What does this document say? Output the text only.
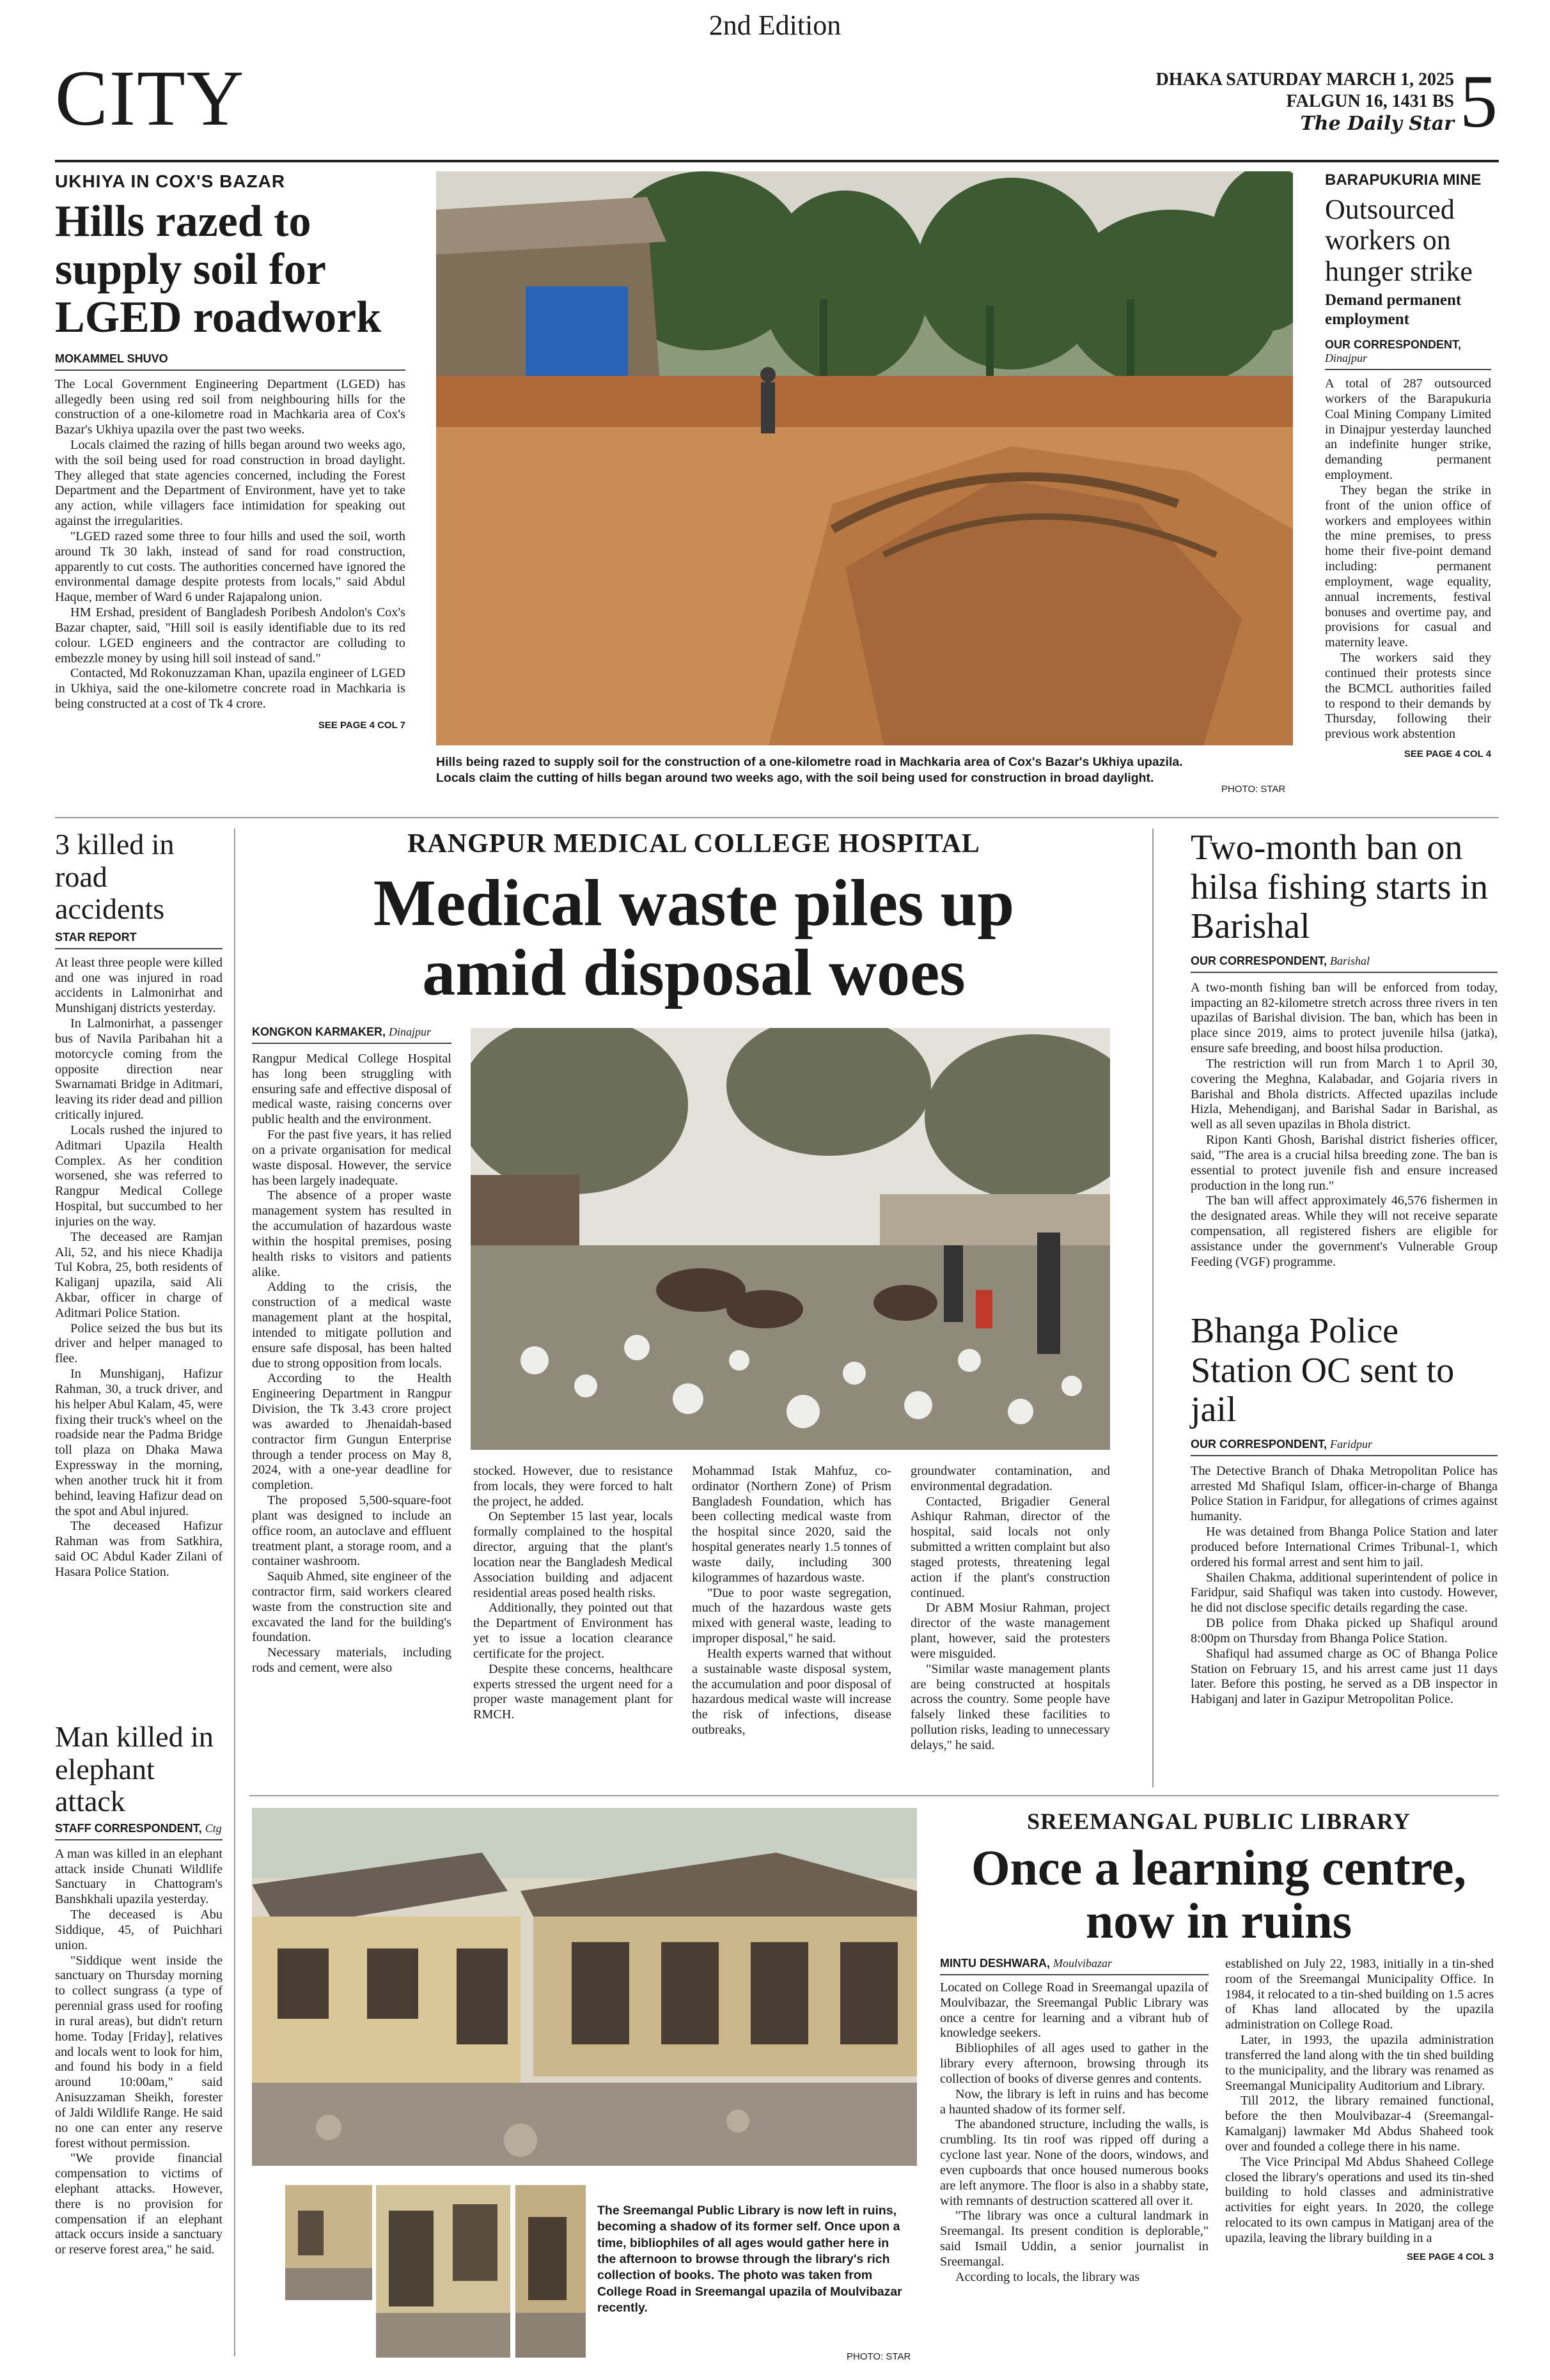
2nd Edition
CITY	DHAKA SATURDAY MARCH 1, 2025
FALGUN 16, 1431 BS
The Daily Star 5
UKHIYA IN COX'S BAZAR
Hills razed to supply soil for LGED roadwork
MOKAMMEL SHUVO

The Local Government Engineering Department (LGED) has allegedly been using red soil from neighbouring hills for the construction of a one-kilometre road in Machkaria area of Cox's Bazar's Ukhiya upazila over the past two weeks.

Locals claimed the razing of hills began around two weeks ago, with the soil being used for road construction in broad daylight. They alleged that state agencies concerned, including the Forest Department and the Department of Environment, have yet to take any action, while villagers face intimidation for speaking out against the irregularities.

"LGED razed some three to four hills and used the soil, worth around Tk 30 lakh, instead of sand for road construction, apparently to cut costs. The authorities concerned have ignored the environmental damage despite protests from locals," said Abdul Haque, member of Ward 6 under Rajapalong union.

HM Ershad, president of Bangladesh Poribesh Andolon's Cox's Bazar chapter, said, "Hill soil is easily identifiable due to its red colour. LGED engineers and the contractor are colluding to embezzle money by using hill soil instead of sand."

Contacted, Md Rokonuzzaman Khan, upazila engineer of LGED in Ukhiya, said the one-kilometre concrete road in Machkaria is being constructed at a cost of Tk 4 crore.

SEE PAGE 4 COL 7
Hills being razed to supply soil for the construction of a one-kilometre road in Machkaria area of Cox's Bazar's Ukhiya upazila. Locals claim the cutting of hills began around two weeks ago, with the soil being used for construction in broad daylight.
PHOTO: STAR
BARAPUKURIA MINE
Outsourced workers on hunger strike
Demand permanent employment
OUR CORRESPONDENT,
Dinajpur

A total of 287 outsourced workers of the Barapukuria Coal Mining Company Limited in Dinajpur yesterday launched an indefinite hunger strike, demanding permanent employment.

They began the strike in front of the union office of workers and employees within the mine premises, to press home their five-point demand including: permanent employment, wage equality, annual increments, festival bonuses and overtime pay, and provisions for casual and maternity leave.

The workers said they continued their protests since the BCMCL authorities failed to respond to their demands by Thursday, following their previous work abstention

SEE PAGE 4 COL 4
3 killed in road accidents
STAR REPORT

At least three people were killed and one was injured in road accidents in Lalmonirhat and Munshiganj districts yesterday.

In Lalmonirhat, a passenger bus of Navila Paribahan hit a motorcycle coming from the opposite direction near Swarnamati Bridge in Aditmari, leaving its rider dead and pillion critically injured.

Locals rushed the injured to Aditmari Upazila Health Complex. As her condition worsened, she was referred to Rangpur Medical College Hospital, but succumbed to her injuries on the way.

The deceased are Ramjan Ali, 52, and his niece Khadija Tul Kobra, 25, both residents of Kaliganj upazila, said Ali Akbar, officer in charge of Aditmari Police Station.

Police seized the bus but its driver and helper managed to flee.

In Munshiganj, Hafizur Rahman, 30, a truck driver, and his helper Abul Kalam, 45, were fixing their truck's wheel on the roadside near the Padma Bridge toll plaza on Dhaka Mawa Expressway in the morning, when another truck hit it from behind, leaving Hafizur dead on the spot and Abul injured.

The deceased Hafizur Rahman was from Satkhira, said OC Abdul Kader Zilani of Hasara Police Station.

Man killed in elephant attack
STAFF CORRESPONDENT, Ctg

A man was killed in an elephant attack inside Chunati Wildlife Sanctuary in Chattogram's Banshkhali upazila yesterday.

The deceased is Abu Siddique, 45, of Puichhari union.

"Siddique went inside the sanctuary on Thursday morning to collect sungrass (a type of perennial grass used for roofing in rural areas), but didn't return home. Today [Friday], relatives and locals went to look for him, and found his body in a field around 10:00am," said Anisuzzaman Sheikh, forester of Jaldi Wildlife Range. He said no one can enter any reserve forest without permission.

"We provide financial compensation to victims of elephant attacks. However, there is no provision for compensation if an elephant attack occurs inside a sanctuary or reserve forest area," he said.

RANGPUR MEDICAL COLLEGE HOSPITAL
Medical waste piles up amid disposal woes
KONGKON KARMAKER, Dinajpur

Rangpur Medical College Hospital has long been struggling with ensuring safe and effective disposal of medical waste, raising concerns over public health and the environment.

For the past five years, it has relied on a private organisation for medical waste disposal. However, the service has been largely inadequate.

The absence of a proper waste management system has resulted in the accumulation of hazardous waste within the hospital premises, posing health risks to visitors and patients alike.

Adding to the crisis, the construction of a medical waste management plant at the hospital, intended to mitigate pollution and ensure safe disposal, has been halted due to strong opposition from locals.

According to the Health Engineering Department in Rangpur Division, the Tk 3.43 crore project was awarded to Jhenaidah-based contractor firm Gungun Enterprise through a tender process on May 8, 2024, with a one-year deadline for completion.

The proposed 5,500-square-foot plant was designed to include an office room, an autoclave and effluent treatment plant, a storage room, and a container washroom.

Saquib Ahmed, site engineer of the contractor firm, said workers cleared waste from the construction site and excavated the land for the building's foundation.

Necessary materials, including rods and cement, were also

stocked. However, due to resistance from locals, they were forced to halt the project, he added.

On September 15 last year, locals formally complained to the hospital director, arguing that the plant's location near the Bangladesh Medical Association building and adjacent residential areas posed health risks.

Additionally, they pointed out that the Department of Environment has yet to issue a location clearance certificate for the project.

Despite these concerns, healthcare experts stressed the urgent need for a proper waste management plant for RMCH.

Mohammad Istak Mahfuz, co-ordinator (Northern Zone) of Prism Bangladesh Foundation, which has been collecting medical waste from the hospital since 2020, said the hospital generates nearly 1.5 tonnes of waste daily, including 300 kilogrammes of hazardous waste.

"Due to poor waste segregation, much of the hazardous waste gets mixed with general waste, leading to improper disposal," he said.

Health experts warned that without a sustainable waste disposal system, the accumulation and poor disposal of hazardous medical waste will increase the risk of infections, disease outbreaks,

groundwater contamination, and environmental degradation.

Contacted, Brigadier General Ashiqur Rahman, director of the hospital, said locals not only submitted a written complaint but also staged protests, threatening legal action if the plant's construction continued.

Dr ABM Mosiur Rahman, project director of the waste management plant, however, said the protesters were misguided.

"Similar waste management plants are being constructed at hospitals across the country. Some people have falsely linked these facilities to pollution risks, leading to unnecessary delays," he said.

Two-month ban on hilsa fishing starts in Barishal
OUR CORRESPONDENT, Barishal

A two-month fishing ban will be enforced from today, impacting an 82-kilometre stretch across three rivers in ten upazilas of Barishal division. The ban, which has been in place since 2019, aims to protect juvenile hilsa (jatka), ensure safe breeding, and boost hilsa production.

The restriction will run from March 1 to April 30, covering the Meghna, Kalabadar, and Gojaria rivers in Barishal and Bhola districts. Affected upazilas include Hizla, Mehendiganj, and Barishal Sadar in Barishal, as well as all seven upazilas in Bhola district.

Ripon Kanti Ghosh, Barishal district fisheries officer, said, "The area is a crucial hilsa breeding zone. The ban is essential to protect juvenile fish and ensure increased production in the long run."

The ban will affect approximately 46,576 fishermen in the designated areas. While they will not receive separate compensation, all registered fishers are eligible for assistance under the government's Vulnerable Group Feeding (VGF) programme.

Bhanga Police Station OC sent to jail
OUR CORRESPONDENT, Faridpur

The Detective Branch of Dhaka Metropolitan Police has arrested Md Shafiqul Islam, officer-in-charge of Bhanga Police Station in Faridpur, for allegations of crimes against humanity.

He was detained from Bhanga Police Station and later produced before International Crimes Tribunal-1, which ordered his formal arrest and sent him to jail.

Shailen Chakma, additional superintendent of police in Faridpur, said Shafiqul was taken into custody. However, he did not disclose specific details regarding the case.

DB police from Dhaka picked up Shafiqul around 8:00pm on Thursday from Bhanga Police Station.

Shafiqul had assumed charge as OC of Bhanga Police Station on February 15, and his arrest came just 11 days later. Before this posting, he served as a DB inspector in Habiganj and later in Gazipur Metropolitan Police.

The Sreemangal Public Library is now left in ruins, becoming a shadow of its former self. Once upon a time, bibliophiles of all ages would gather here in the afternoon to browse through the library's rich collection of books. The photo was taken from College Road in Sreemangal upazila of Moulvibazar recently.
PHOTO: STAR
SREEMANGAL PUBLIC LIBRARY
Once a learning centre, now in ruins
MINTU DESHWARA, Moulvibazar

Located on College Road in Sreemangal upazila of Moulvibazar, the Sreemangal Public Library was once a centre for learning and a vibrant hub of knowledge seekers.

Bibliophiles of all ages used to gather in the library every afternoon, browsing through its collection of books of diverse genres and contents.

Now, the library is left in ruins and has become a haunted shadow of its former self.

The abandoned structure, including the walls, is crumbling. Its tin roof was ripped off during a cyclone last year. None of the doors, windows, and even cupboards that once housed numerous books are left anymore. The floor is also in a shabby state, with remnants of destruction scattered all over it.

"The library was once a cultural landmark in Sreemangal. Its present condition is deplorable," said Ismail Uddin, a senior journalist in Sreemangal.

According to locals, the library was

established on July 22, 1983, initially in a tin-shed room of the Sreemangal Municipality Office. In 1984, it relocated to a tin-shed building on 1.5 acres of Khas land allocated by the upazila administration on College Road.

Later, in 1993, the upazila administration transferred the land along with the tin shed building to the municipality, and the library was renamed as Sreemangal Municipality Auditorium and Library.

Till 2012, the library remained functional, before the then Moulvibazar-4 (Sreemangal-Kamalganj) lawmaker Md Abdus Shaheed took over and founded a college there in his name.

The Vice Principal Md Abdus Shaheed College closed the library's operations and used its tin-shed building to hold classes and administrative activities for eight years. In 2020, the college relocated to its own campus in Matiganj area of the upazila, leaving the library building in a

SEE PAGE 4 COL 3
